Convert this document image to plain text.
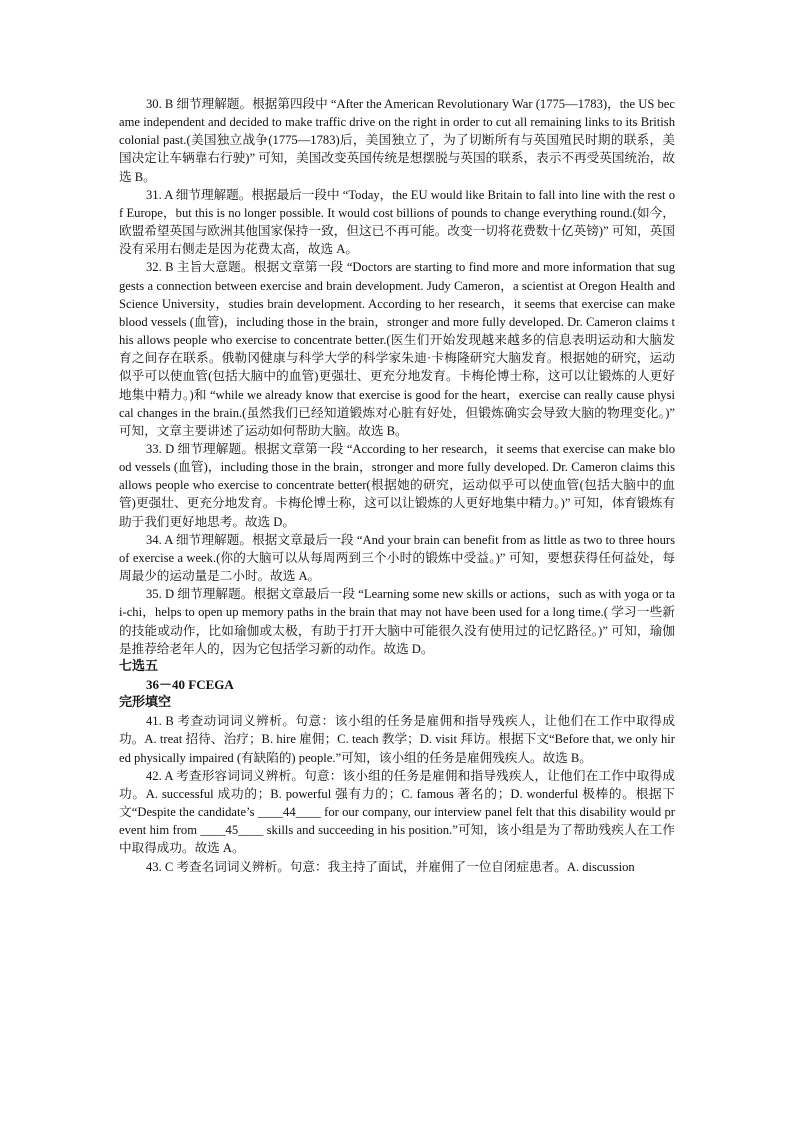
30. B 细节理解题。根据第四段中 “After the American Revolutionary War (1775—1783)，the US became independent and decided to make traffic drive on the right in order to cut all remaining links to its British colonial past.(美国独立战争(1775—1783)后，美国独立了，为了切断所有与英国殖民时期的联系，美国决定让车辆靠右行驶)” 可知，美国改变英国传统是想摆脱与英国的联系，表示不再受英国统治，故选 B。

31. A 细节理解题。根据最后一段中 “Today，the EU would like Britain to fall into line with the rest of Europe，but this is no longer possible. It would cost billions of pounds to change everything round.(如今，欧盟希望英国与欧洲其他国家保持一致，但这已不再可能。改变一切将花费数十亿英镑)” 可知，英国没有采用右侧走是因为花费太高，故选 A。

32. B 主旨大意题。根据文章第一段 “Doctors are starting to find more and more information that suggests a connection between exercise and brain development. Judy Cameron，a scientist at Oregon Health and Science University，studies brain development. According to her research，it seems that exercise can make blood vessels (血管)，including those in the brain，stronger and more fully developed. Dr. Cameron claims this allows people who exercise to concentrate better.(医生们开始发现越来越多的信息表明运动和大脑发育之间存在联系。俄勒冈健康与科学大学的科学家朱迪·卡梅隆研究大脑发育。根据她的研究，运动似乎可以使血管(包括大脑中的血管)更强壮、更充分地发育。卡梅伦博士称，这可以让锻炼的人更好地集中精力。)和 “while we already know that exercise is good for the heart，exercise can really cause physical changes in the brain.(虽然我们已经知道锻炼对心脏有好处，但锻炼确实会导致大脑的物理变化。)” 可知，文章主要讲述了运动如何帮助大脑。故选 B。

33. D 细节理解题。根据文章第一段 “According to her research，it seems that exercise can make blood vessels (血管)，including those in the brain，stronger and more fully developed. Dr. Cameron claims this allows people who exercise to concentrate better(根据她的研究，运动似乎可以使血管(包括大脑中的血管)更强壮、更充分地发育。卡梅伦博士称，这可以让锻炼的人更好地集中精力。)” 可知，体育锻炼有助于我们更好地思考。故选 D。

34. A 细节理解题。根据文章最后一段 “And your brain can benefit from as little as two to three hours of exercise a week.(你的大脑可以从每周两到三个小时的锻炼中受益。)” 可知，要想获得任何益处，每周最少的运动量是二小时。故选 A。

35. D 细节理解题。根据文章最后一段 “Learning some new skills or actions，such as with yoga or tai-chi，helps to open up memory paths in the brain that may not have been used for a long time.( 学习一些新的技能或动作，比如瑜伽或太极，有助于打开大脑中可能很久没有使用过的记忆路径。)” 可知，瑜伽是推荐给老年人的，因为它包括学习新的动作。故选 D。

七选五

36－40 FCEGA

完形填空

41. B 考查动词词义辨析。句意：该小组的任务是雇佣和指导残疾人，让他们在工作中取得成功。A. treat 招待、治疗；B. hire 雇佣；C. teach 教学；D. visit 拜访。根据下文“Before that, we only hired physically impaired (有缺陷的) people.”可知，该小组的任务是雇佣残疾人。故选 B。

42. A 考查形容词词义辨析。句意：该小组的任务是雇佣和指导残疾人，让他们在工作中取得成功。A. successful 成功的；B. powerful 强有力的；C. famous 著名的；D. wonderful 极棒的。根据下文“Despite the candidate’s ____44____ for our company, our interview panel felt that this disability would prevent him from ____45____ skills and succeeding in his position.”可知，该小组是为了帮助残疾人在工作中取得成功。故选 A。

43. C 考查名词词义辨析。句意：我主持了面试，并雇佣了一位自闭症患者。A. discussion
